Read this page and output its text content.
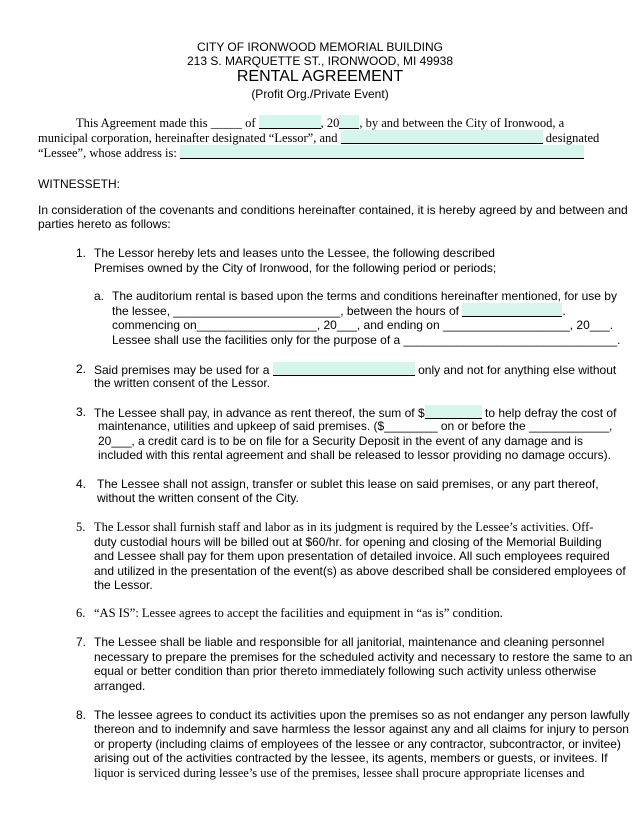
CITY OF IRONWOOD MEMORIAL BUILDING
213 S. MARQUETTE ST., IRONWOOD, MI 49938
RENTAL AGREEMENT
(Profit Org./Private Event)
This Agreement made this _____ of	, 20 , by and between the City of Ironwood, a
municipal corporation, hereinafter designated “Lessor”, and	designated
“Lessee”, whose address is:
WITNESSETH:
In consideration of the covenants and conditions hereinafter contained, it is hereby agreed by and between and
parties hereto as follows:
1. The Lessor hereby lets and leases unto the Lessee, the following described
Premises owned by the City of Ironwood, for the following period or periods;
a. The auditorium rental is based upon the terms and conditions hereinafter mentioned, for use by
the lessee, _________________________, between the hours of	.
commencing on__________________, 20___, and ending on ___________________, 20___.
Lessee shall use the facilities only for the purpose of a ________________________________.
2. Said premises may be used for a	only and not for anything else without
the written consent of the Lessor.
3. The Lessee shall pay, in advance as rent thereof, the sum of $	to help defray the cost of
maintenance, utilities and upkeep of said premises. ($________ on or before the ____________,
20___, a credit card is to be on file for a Security Deposit in the event of any damage and is
included with this rental agreement and shall be released to lessor providing no damage occurs).
4. The Lessee shall not assign, transfer or sublet this lease on said premises, or any part thereof,
without the written consent of the City.
5. The Lessor shall furnish staff and labor as in its judgment is required by the Lessee’s activities. Off-
duty custodial hours will be billed out at $60/hr. for opening and closing of the Memorial Building
and Lessee shall pay for them upon presentation of detailed invoice. All such employees required
and utilized in the presentation of the event(s) as above described shall be considered employees of
the Lessor.
6. “AS IS”: Lessee agrees to accept the facilities and equipment in “as is” condition.
7. The Lessee shall be liable and responsible for all janitorial, maintenance and cleaning personnel
necessary to prepare the premises for the scheduled activity and necessary to restore the same to an
equal or better condition than prior thereto immediately following such activity unless otherwise
arranged.
8. The lessee agrees to conduct its activities upon the premises so as not endanger any person lawfully
thereon and to indemnify and save harmless the lessor against any and all claims for injury to person
or property (including claims of employees of the lessee or any contractor, subcontractor, or invitee)
arising out of the activities contracted by the lessee, its agents, members or guests, or invitees. If
liquor is serviced during lessee’s use of the premises, lessee shall procure appropriate licenses and
